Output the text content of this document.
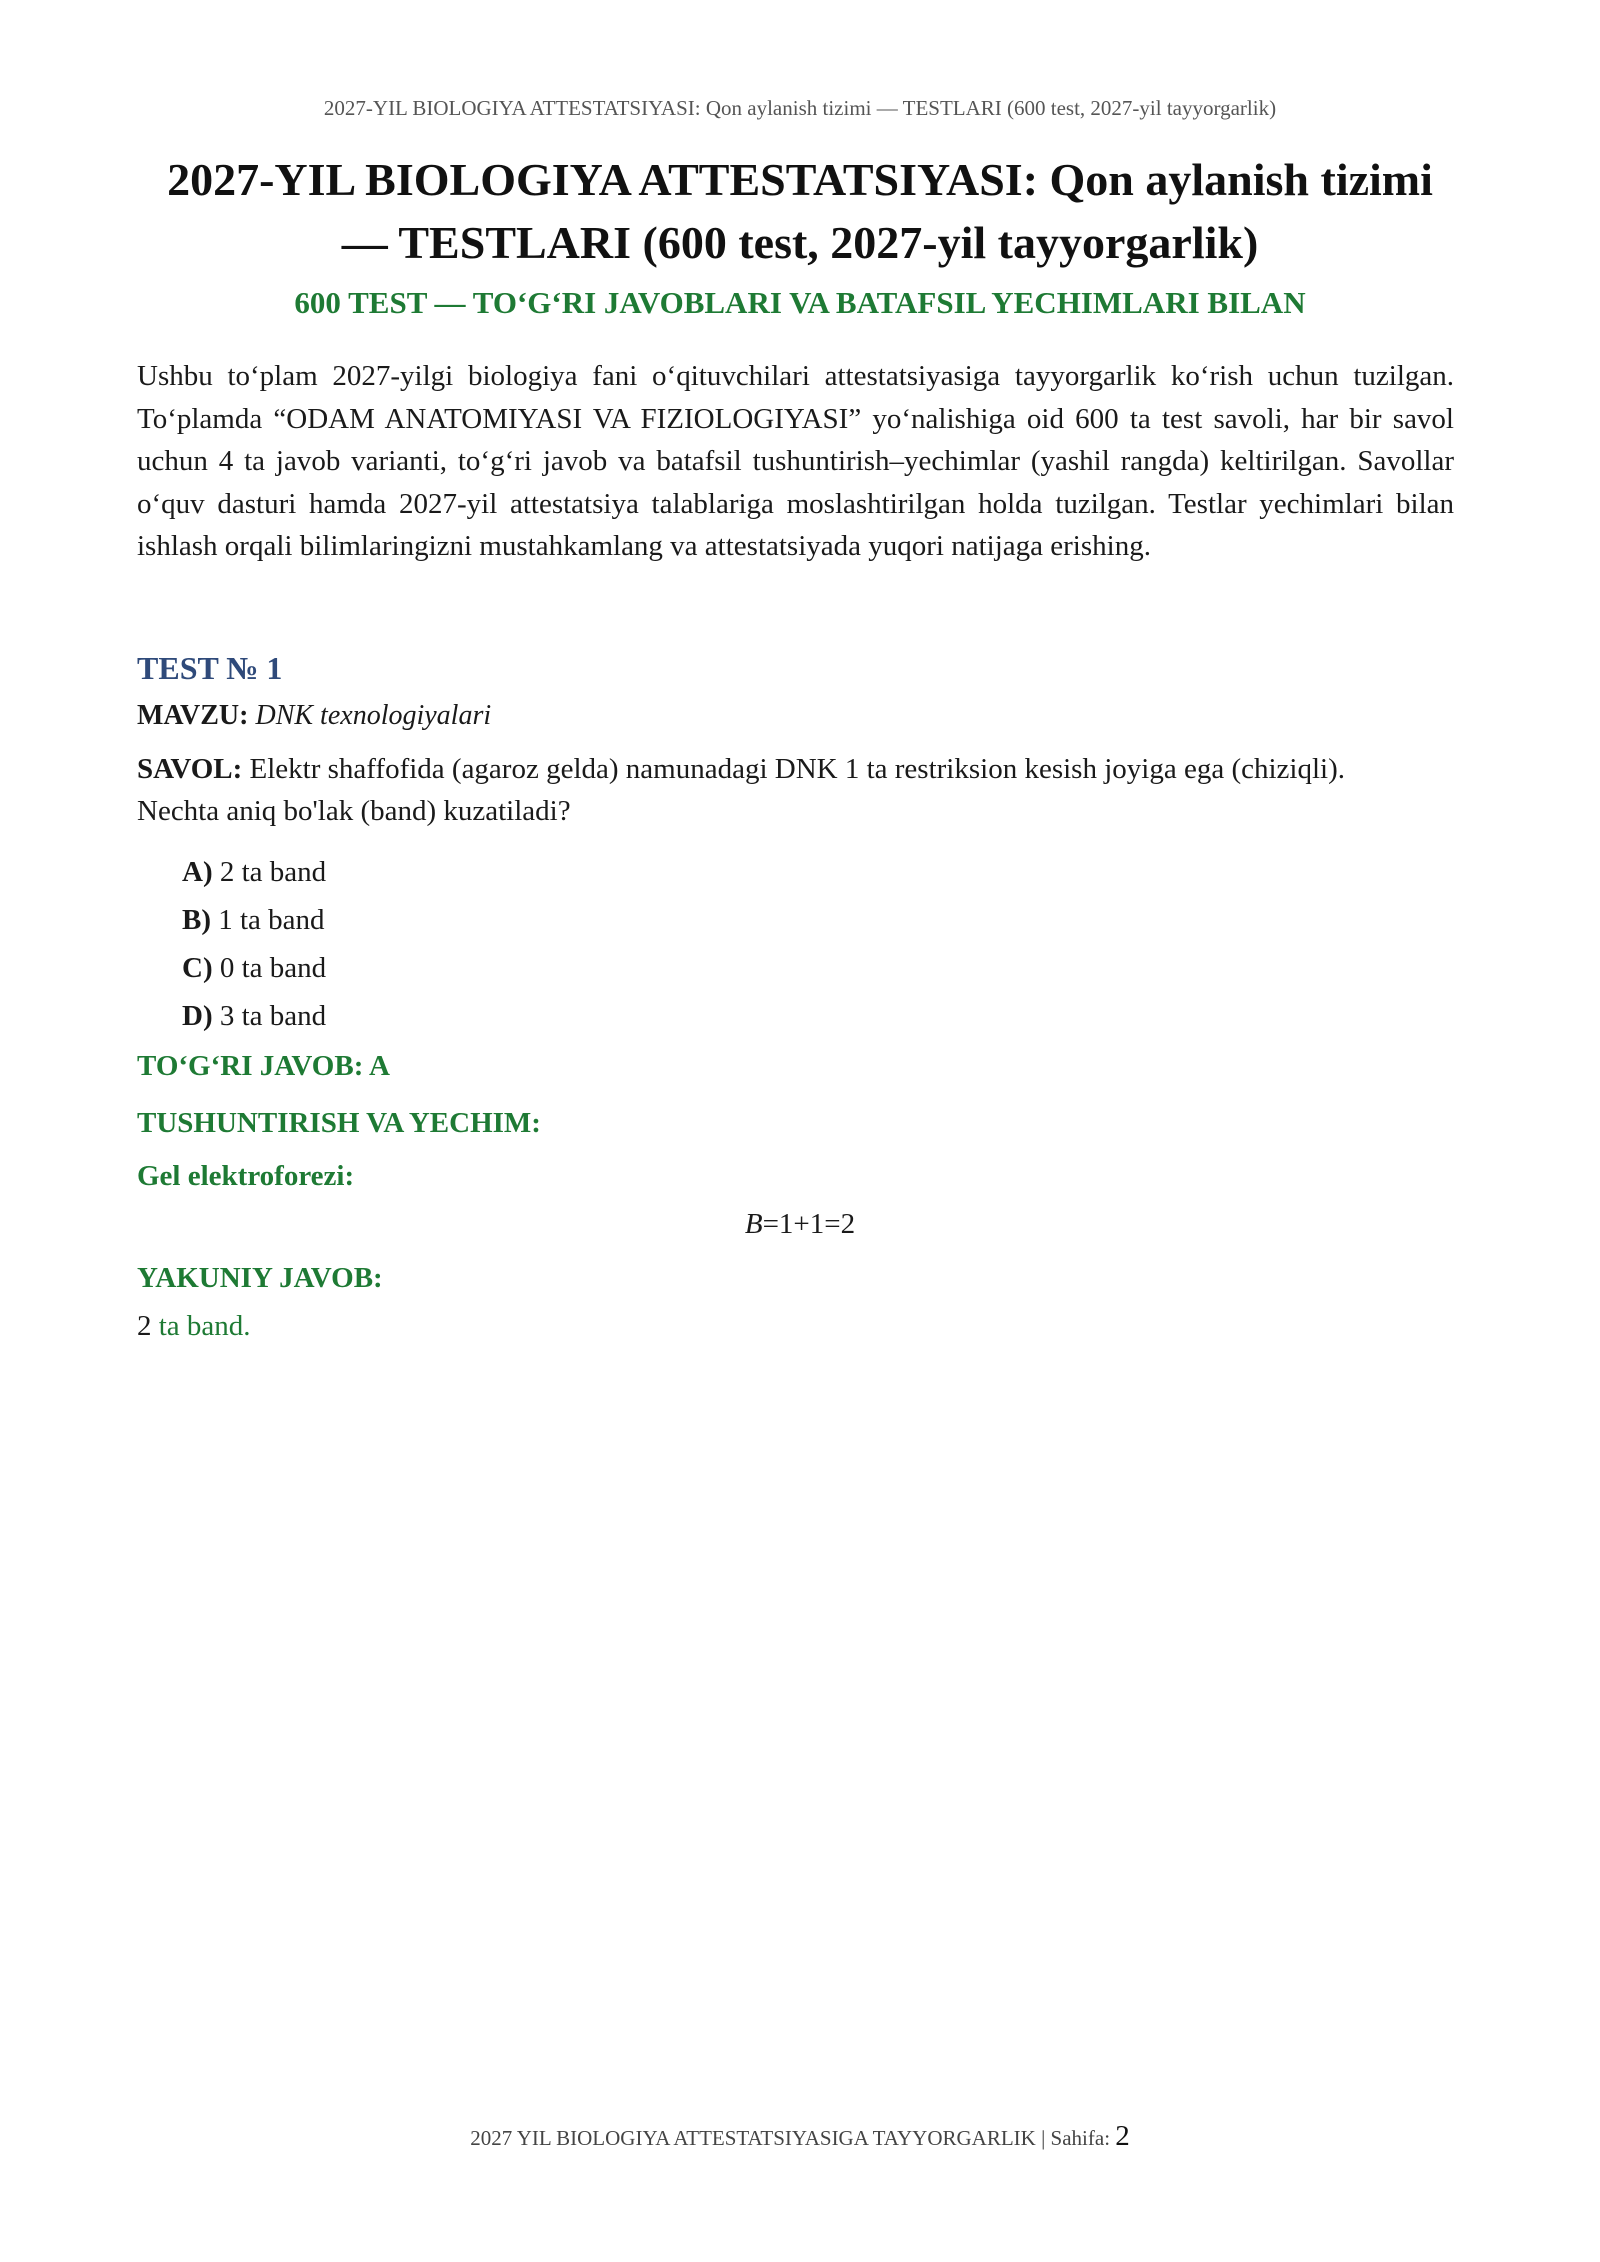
2027-YIL BIOLOGIYA ATTESTATSIYASI: Qon aylanish tizimi — TESTLARI (600 test, 2027-yil tayyorgarlik)
2027-YIL BIOLOGIYA ATTESTATSIYASI: Qon aylanish tizimi — TESTLARI (600 test, 2027-yil tayyorgarlik)
600 TEST — TO‘G‘RI JAVOBLARI VA BATAFSIL YECHIMLARI BILAN

Ushbu to‘plam 2027-yilgi biologiya fani o‘qituvchilari attestatsiyasiga tayyorgarlik ko‘rish uchun tuzilgan. To‘plamda “ODAM ANATOMIYASI VA FIZIOLOGIYASI” yo‘nalishiga oid 600 ta test savoli, har bir savol uchun 4 ta javob varianti, to‘g‘ri javob va batafsil tushuntirish–yechimlar (yashil rangda) keltirilgan. Savollar o‘quv dasturi hamda 2027-yil attestatsiya talablariga moslashtirilgan holda tuzilgan. Testlar yechimlari bilan ishlash orqali bilimlaringizni mustahkamlang va attestatsiyada yuqori natijaga erishing.

TEST № 1
MAVZU: DNK texnologiyalari

SAVOL: Elektr shaffofida (agaroz gelda) namunadagi DNK 1 ta restriksion kesish joyiga ega (chiziqli). Nechta aniq bo'lak (band) kuzatiladi?

A) 2 ta band
B) 1 ta band
C) 0 ta band
D) 3 ta band
TO‘G‘RI JAVOB: A
TUSHUNTIRISH VA YECHIM:
Gel elektroforezi:
B=1+1=2
YAKUNIY JAVOB:
2 ta band.
2027 YIL BIOLOGIYA ATTESTATSIYASIGA TAYYORGARLIK | Sahifa: 2
